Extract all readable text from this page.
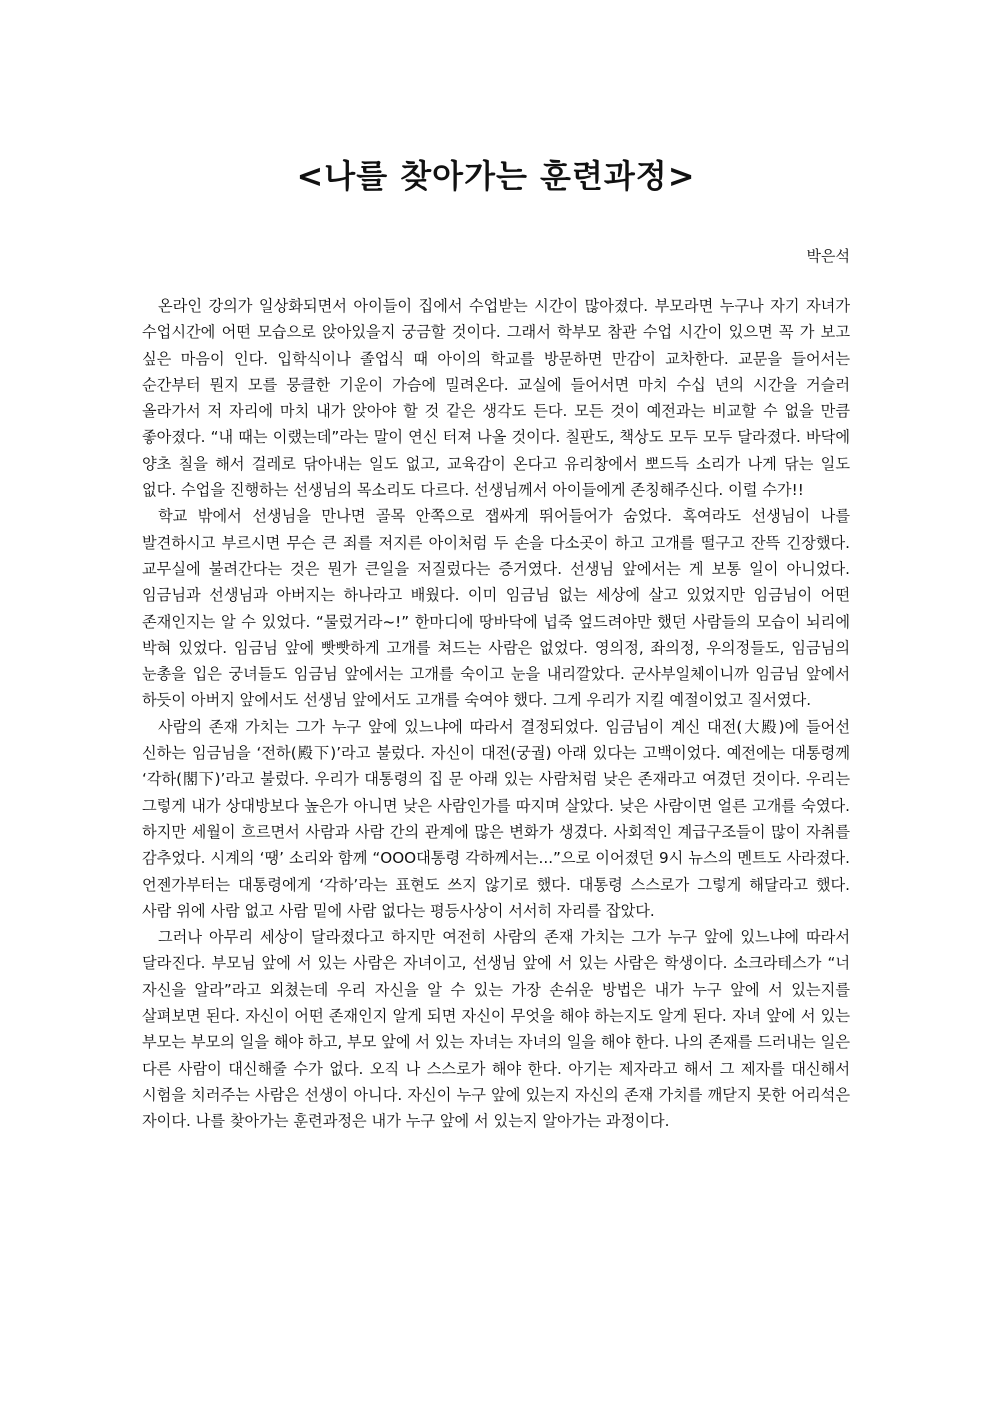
<나를 찾아가는 훈련과정>

박은석

온라인 강의가 일상화되면서 아이들이 집에서 수업받는 시간이 많아졌다. 부모라면 누구나 자기 자녀가 수업시간에 어떤 모습으로 앉아있을지 궁금할 것이다. 그래서 학부모 참관 수업 시간이 있으면 꼭 가 보고 싶은 마음이 인다. 입학식이나 졸업식 때 아이의 학교를 방문하면 만감이 교차한다. 교문을 들어서는 순간부터 뭔지 모를 뭉클한 기운이 가슴에 밀려온다. 교실에 들어서면 마치 수십 년의 시간을 거슬러 올라가서 저 자리에 마치 내가 앉아야 할 것 같은 생각도 든다. 모든 것이 예전과는 비교할 수 없을 만큼 좋아졌다. “내 때는 이랬는데”라는 말이 연신 터져 나올 것이다. 칠판도, 책상도 모두 모두 달라졌다. 바닥에 양초 칠을 해서 걸레로 닦아내는 일도 없고, 교육감이 온다고 유리창에서 뽀드득 소리가 나게 닦는 일도 없다. 수업을 진행하는 선생님의 목소리도 다르다. 선생님께서 아이들에게 존칭해주신다. 이럴 수가!!

학교 밖에서 선생님을 만나면 골목 안쪽으로 잽싸게 뛰어들어가 숨었다. 혹여라도 선생님이 나를 발견하시고 부르시면 무슨 큰 죄를 저지른 아이처럼 두 손을 다소곳이 하고 고개를 떨구고 잔뜩 긴장했다. 교무실에 불려간다는 것은 뭔가 큰일을 저질렀다는 증거였다. 선생님 앞에서는 게 보통 일이 아니었다. 임금님과 선생님과 아버지는 하나라고 배웠다. 이미 임금님 없는 세상에 살고 있었지만 임금님이 어떤 존재인지는 알 수 있었다. “물렀거라~!” 한마디에 땅바닥에 넙죽 엎드려야만 했던 사람들의 모습이 뇌리에 박혀 있었다. 임금님 앞에 빳빳하게 고개를 쳐드는 사람은 없었다. 영의정, 좌의정, 우의정들도, 임금님의 눈총을 입은 궁녀들도 임금님 앞에서는 고개를 숙이고 눈을 내리깔았다. 군사부일체이니까 임금님 앞에서 하듯이 아버지 앞에서도 선생님 앞에서도 고개를 숙여야 했다. 그게 우리가 지킬 예절이었고 질서였다.

사람의 존재 가치는 그가 누구 앞에 있느냐에 따라서 결정되었다. 임금님이 계신 대전(大殿)에 들어선 신하는 임금님을 ‘전하(殿下)’라고 불렀다. 자신이 대전(궁궐) 아래 있다는 고백이었다. 예전에는 대통령께 ‘각하(閣下)’라고 불렀다. 우리가 대통령의 집 문 아래 있는 사람처럼 낮은 존재라고 여겼던 것이다. 우리는 그렇게 내가 상대방보다 높은가 아니면 낮은 사람인가를 따지며 살았다. 낮은 사람이면 얼른 고개를 숙였다. 하지만 세월이 흐르면서 사람과 사람 간의 관계에 많은 변화가 생겼다. 사회적인 계급구조들이 많이 자취를 감추었다. 시계의 ‘땡’ 소리와 함께 “OOO대통령 각하께서는...”으로 이어졌던 9시 뉴스의 멘트도 사라졌다. 언젠가부터는 대통령에게 ‘각하’라는 표현도 쓰지 않기로 했다. 대통령 스스로가 그렇게 해달라고 했다. 사람 위에 사람 없고 사람 밑에 사람 없다는 평등사상이 서서히 자리를 잡았다.

그러나 아무리 세상이 달라졌다고 하지만 여전히 사람의 존재 가치는 그가 누구 앞에 있느냐에 따라서 달라진다. 부모님 앞에 서 있는 사람은 자녀이고, 선생님 앞에 서 있는 사람은 학생이다. 소크라테스가 “너 자신을 알라”라고 외쳤는데 우리 자신을 알 수 있는 가장 손쉬운 방법은 내가 누구 앞에 서 있는지를 살펴보면 된다. 자신이 어떤 존재인지 알게 되면 자신이 무엇을 해야 하는지도 알게 된다. 자녀 앞에 서 있는 부모는 부모의 일을 해야 하고, 부모 앞에 서 있는 자녀는 자녀의 일을 해야 한다. 나의 존재를 드러내는 일은 다른 사람이 대신해줄 수가 없다. 오직 나 스스로가 해야 한다. 아기는 제자라고 해서 그 제자를 대신해서 시험을 치러주는 사람은 선생이 아니다. 자신이 누구 앞에 있는지 자신의 존재 가치를 깨닫지 못한 어리석은 자이다. 나를 찾아가는 훈련과정은 내가 누구 앞에 서 있는지 알아가는 과정이다.
